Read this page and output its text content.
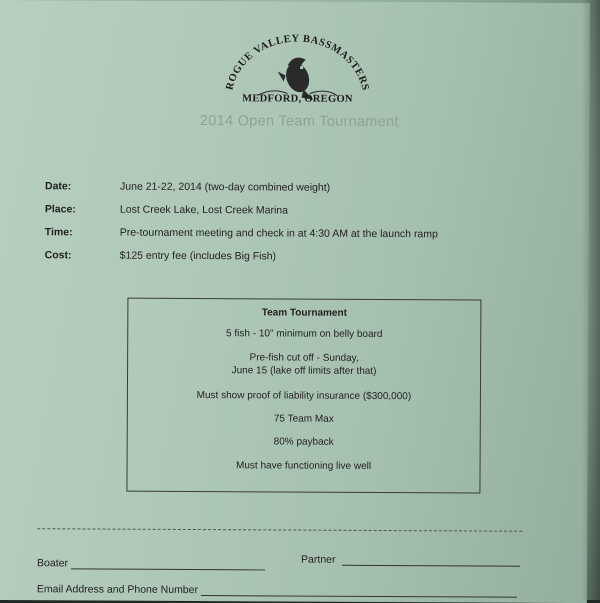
ROGUE VALLEY BASSMASTERS
MEDFORD, OREGON
2014 Open Team Tournament
Date:	June 21-22, 2014 (two-day combined weight)
Place:	Lost Creek Lake, Lost Creek Marina
Time:	Pre-tournament meeting and check in at 4:30 AM at the launch ramp
Cost:	$125 entry fee (includes Big Fish)
Team Tournament
5 fish - 10" minimum on belly board
Pre-fish cut off - Sunday,
June 15 (lake off limits after that)
Must show proof of liability insurance ($300,000)
75 Team Max
80% payback
Must have functioning live well
Boater	Partner
Email Address and Phone Number
